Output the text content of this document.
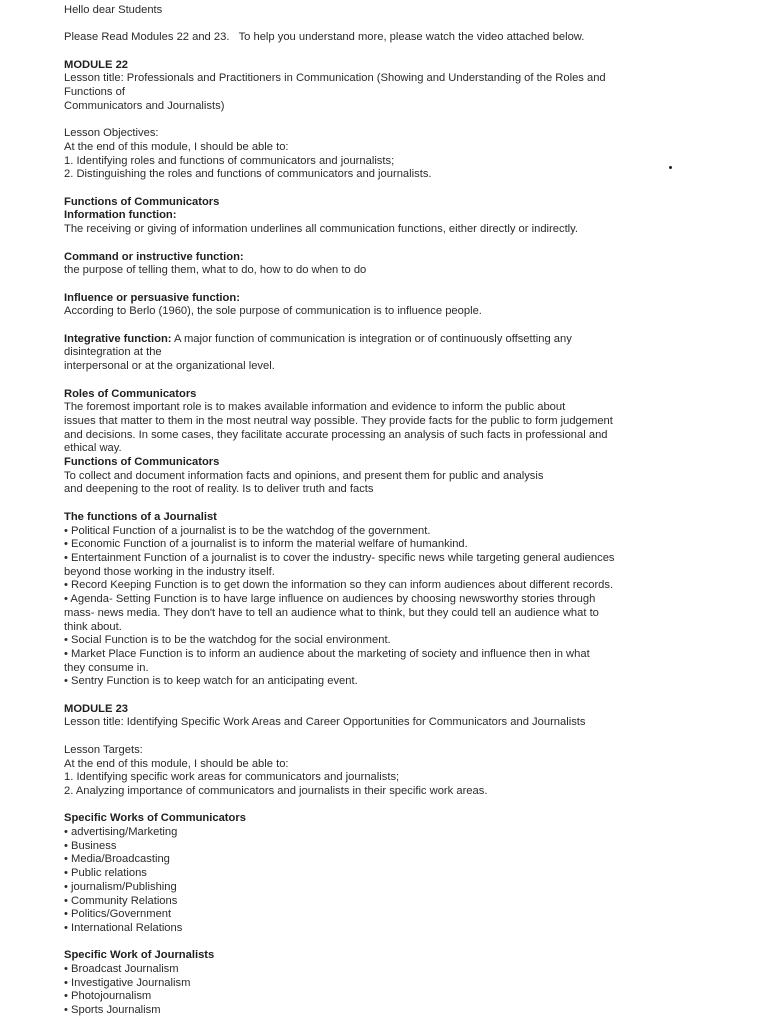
Hello dear Students
Please Read Modules 22 and 23.   To help you understand more, please watch the video attached below.
MODULE 22
Lesson title: Professionals and Practitioners in Communication (Showing and Understanding of the Roles and
Functions of
Communicators and Journalists)
Lesson Objectives:
At the end of this module, I should be able to:
1. Identifying roles and functions of communicators and journalists;
2. Distinguishing the roles and functions of communicators and journalists.
Functions of Communicators
Information function:
The receiving or giving of information underlines all communication functions, either directly or indirectly.
Command or instructive function:
the purpose of telling them, what to do, how to do when to do
Influence or persuasive function:
According to Berlo (1960), the sole purpose of communication is to influence people.
Integrative function: A major function of communication is integration or of continuously offsetting any
disintegration at the
interpersonal or at the organizational level.
Roles of Communicators
The foremost important role is to makes available information and evidence to inform the public about
issues that matter to them in the most neutral way possible. They provide facts for the public to form judgement
and decisions. In some cases, they facilitate accurate processing an analysis of such facts in professional and
ethical way.
Functions of Communicators
To collect and document information facts and opinions, and present them for public and analysis
and deepening to the root of reality. Is to deliver truth and facts
The functions of a Journalist
• Political Function of a journalist is to be the watchdog of the government.
• Economic Function of a journalist is to inform the material welfare of humankind.
• Entertainment Function of a journalist is to cover the industry- specific news while targeting general audiences
beyond those working in the industry itself.
• Record Keeping Function is to get down the information so they can inform audiences about different records.
• Agenda- Setting Function is to have large influence on audiences by choosing newsworthy stories through
mass- news media. They don't have to tell an audience what to think, but they could tell an audience what to
think about.
• Social Function is to be the watchdog for the social environment.
• Market Place Function is to inform an audience about the marketing of society and influence then in what
they consume in.
• Sentry Function is to keep watch for an anticipating event.
MODULE 23
Lesson title: Identifying Specific Work Areas and Career Opportunities for Communicators and Journalists
Lesson Targets:
At the end of this module, I should be able to:
1. Identifying specific work areas for communicators and journalists;
2. Analyzing importance of communicators and journalists in their specific work areas.
Specific Works of Communicators
• advertising/Marketing
• Business
• Media/Broadcasting
• Public relations
• journalism/Publishing
• Community Relations
• Politics/Government
• International Relations
Specific Work of Journalists
• Broadcast Journalism
• Investigative Journalism
• Photojournalism
• Sports Journalism
